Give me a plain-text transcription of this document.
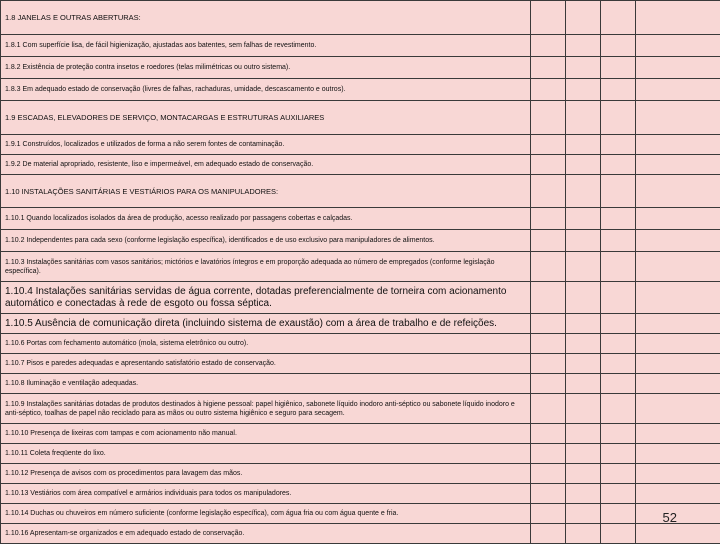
1.8 JANELAS E OUTRAS ABERTURAS:				
1.8.1 Com superfície lisa, de fácil higienização, ajustadas aos batentes, sem falhas de revestimento.				
1.8.2 Existência de proteção contra insetos e roedores (telas milimétricas ou outro sistema).				
1.8.3 Em adequado estado de conservação (livres de falhas, rachaduras, umidade, descascamento e outros).				
1.9 ESCADAS, ELEVADORES DE SERVIÇO, MONTACARGAS E ESTRUTURAS AUXILIARES				
1.9.1 Construídos, localizados e utilizados de forma a não serem fontes de contaminação.				
1.9.2 De material apropriado, resistente, liso e impermeável, em adequado estado de conservação.				
1.10 INSTALAÇÕES SANITÁRIAS E VESTIÁRIOS PARA OS MANIPULADORES:				
1.10.1 Quando localizados isolados da área de produção, acesso realizado por passagens cobertas e calçadas.				
1.10.2 Independentes para cada sexo (conforme legislação específica), identificados e de uso exclusivo para manipuladores de alimentos.				
1.10.3 Instalações sanitárias com vasos sanitários; mictórios e lavatórios íntegros e em proporção adequada ao número de empregados (conforme legislação específica).				
1.10.4 Instalações sanitárias servidas de água corrente, dotadas preferencialmente de torneira com acionamento automático e conectadas à rede de esgoto ou fossa séptica.				
1.10.5 Ausência de comunicação direta (incluindo sistema de exaustão) com a área de trabalho e de refeições.				
1.10.6 Portas com fechamento automático (mola, sistema eletrônico ou outro).				
1.10.7 Pisos e paredes adequadas e apresentando satisfatório estado de conservação.				
1.10.8 Iluminação e ventilação adequadas.				
1.10.9 Instalações sanitárias dotadas de produtos destinados à higiene pessoal: papel higiênico, sabonete líquido inodoro anti-séptico ou sabonete líquido inodoro e anti-séptico, toalhas de papel não reciclado para as mãos ou outro sistema higiênico e seguro para secagem.				
1.10.10 Presença de lixeiras com tampas e com acionamento não manual.				
1.10.11 Coleta freqüente do lixo.				
1.10.12 Presença de avisos com os procedimentos para lavagem das mãos.				
1.10.13 Vestiários com área compatível e armários individuais para todos os manipuladores.				
1.10.14 Duchas ou chuveiros em número suficiente (conforme legislação específica), com água fria ou com água quente e fria.				
1.10.16 Apresentam-se organizados e em adequado estado de conservação.				
52
